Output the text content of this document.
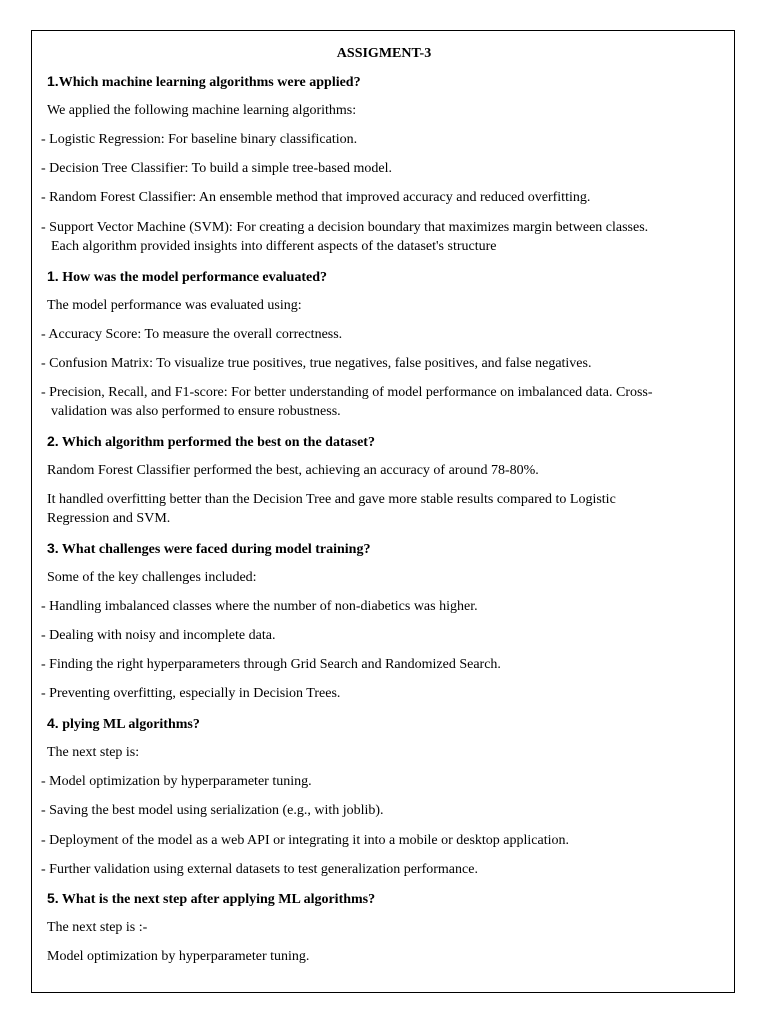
ASSIGMENT-3
1.Which machine learning algorithms were applied?
We applied the following machine learning algorithms:
- Logistic Regression: For baseline binary classification.
- Decision Tree Classifier: To build a simple tree-based model.
- Random Forest Classifier: An ensemble method that improved accuracy and reduced overfitting.
- Support Vector Machine (SVM): For creating a decision boundary that maximizes margin between classes.
Each algorithm provided insights into different aspects of the dataset's structure
1. How was the model performance evaluated?
The model performance was evaluated using:
- Accuracy Score: To measure the overall correctness.
- Confusion Matrix: To visualize true positives, true negatives, false positives, and false negatives.
- Precision, Recall, and F1-score: For better understanding of model performance on imbalanced data. Cross-
validation was also performed to ensure robustness.
2. Which algorithm performed the best on the dataset?
Random Forest Classifier performed the best, achieving an accuracy of around 78-80%.
It handled overfitting better than the Decision Tree and gave more stable results compared to Logistic
Regression and SVM.
3. What challenges were faced during model training?
Some of the key challenges included:
- Handling imbalanced classes where the number of non-diabetics was higher.
- Dealing with noisy and incomplete data.
- Finding the right hyperparameters through Grid Search and Randomized Search.
- Preventing overfitting, especially in Decision Trees.
4. plying ML algorithms?
The next step is:
- Model optimization by hyperparameter tuning.
- Saving the best model using serialization (e.g., with joblib).
- Deployment of the model as a web API or integrating it into a mobile or desktop application.
- Further validation using external datasets to test generalization performance.
5. What is the next step after applying ML algorithms?
The next step is :-
Model optimization by hyperparameter tuning.
